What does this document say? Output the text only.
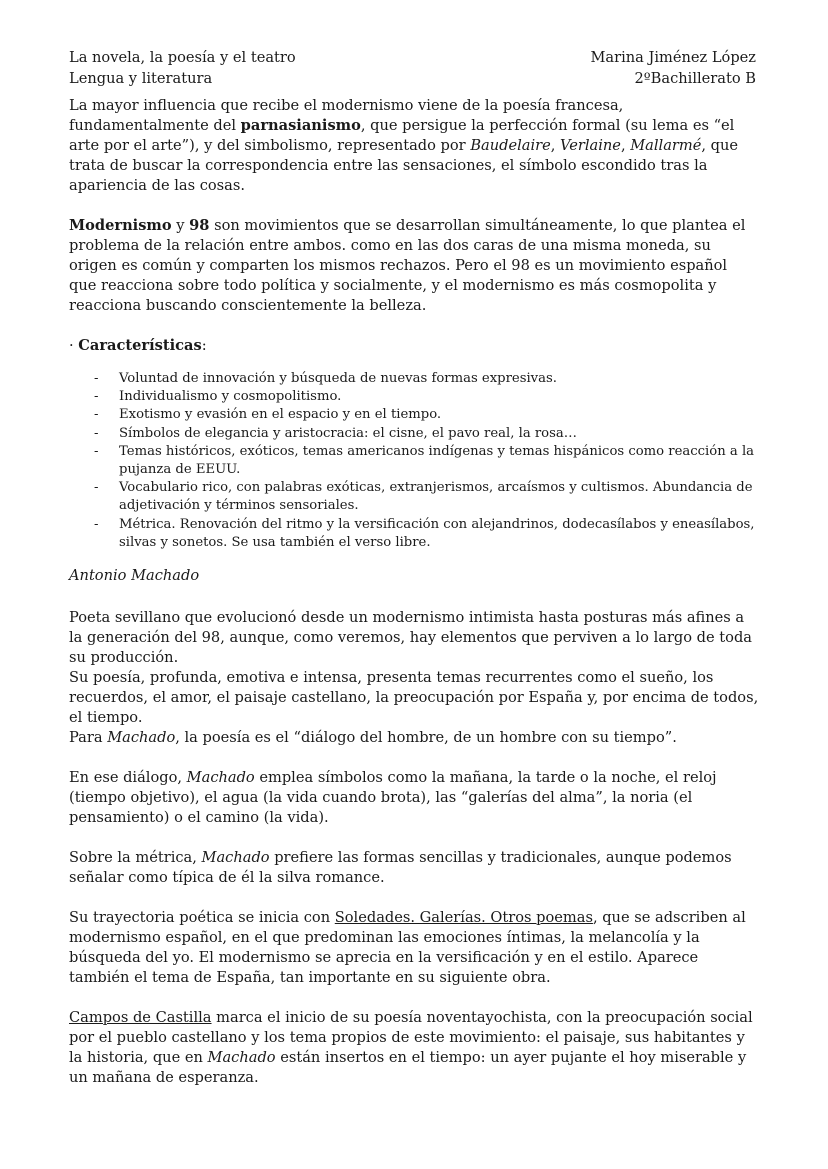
La novela, la poesía y el teatro
Lengua y literatura
Marina Jiménez López
2ºBachillerato B

La mayor influencia que recibe el modernismo viene de la poesía francesa, fundamentalmente del parnasianismo, que persigue la perfección formal (su lema es “el arte por el arte”), y del simbolismo, representado por Baudelaire, Verlaine, Mallarmé, que trata de buscar la correspondencia entre las sensaciones, el símbolo escondido tras la apariencia de las cosas.

Modernismo y 98 son movimientos que se desarrollan simultáneamente, lo que plantea el problema de la relación entre ambos. como en las dos caras de una misma moneda, su origen es común y comparten los mismos rechazos. Pero el 98 es un movimiento español que reacciona sobre todo política y socialmente, y el modernismo es más cosmopolita y reacciona buscando conscientemente la belleza.

· Características:

- Voluntad de innovación y búsqueda de nuevas formas expresivas.
- Individualismo y cosmopolitismo.
- Exotismo y evasión en el espacio y en el tiempo.
- Símbolos de elegancia y aristocracia: el cisne, el pavo real, la rosa…
- Temas históricos, exóticos, temas americanos indígenas y temas hispánicos como reacción a la pujanza de EEUU.
- Vocabulario rico, con palabras exóticas, extranjerismos, arcaísmos y cultismos. Abundancia de adjetivación y términos sensoriales.
- Métrica. Renovación del ritmo y la versificación con alejandrinos, dodecasílabos y eneasílabos, silvas y sonetos. Se usa también el verso libre.

Antonio Machado

Poeta sevillano que evolucionó desde un modernismo intimista hasta posturas más afines a la generación del 98, aunque, como veremos, hay elementos que perviven a lo largo de toda su producción.

Su poesía, profunda, emotiva e intensa, presenta temas recurrentes como el sueño, los recuerdos, el amor, el paisaje castellano, la preocupación por España y, por encima de todos, el tiempo.

Para Machado, la poesía es el “diálogo del hombre, de un hombre con su tiempo”.

En ese diálogo, Machado emplea símbolos como la mañana, la tarde o la noche, el reloj (tiempo objetivo), el agua (la vida cuando brota), las “galerías del alma”, la noria (el pensamiento) o el camino (la vida).

Sobre la métrica, Machado prefiere las formas sencillas y tradicionales, aunque podemos señalar como típica de él la silva romance.

Su trayectoria poética se inicia con Soledades. Galerías. Otros poemas, que se adscriben al modernismo español, en el que predominan las emociones íntimas, la melancolía y la búsqueda del yo. El modernismo se aprecia en la versificación y en el estilo. Aparece también el tema de España, tan importante en su siguiente obra.

Campos de Castilla marca el inicio de su poesía noventayochista, con la preocupación social por el pueblo castellano y los tema propios de este movimiento: el paisaje, sus habitantes y la historia, que en Machado están insertos en el tiempo: un ayer pujante el hoy miserable y un mañana de esperanza.
